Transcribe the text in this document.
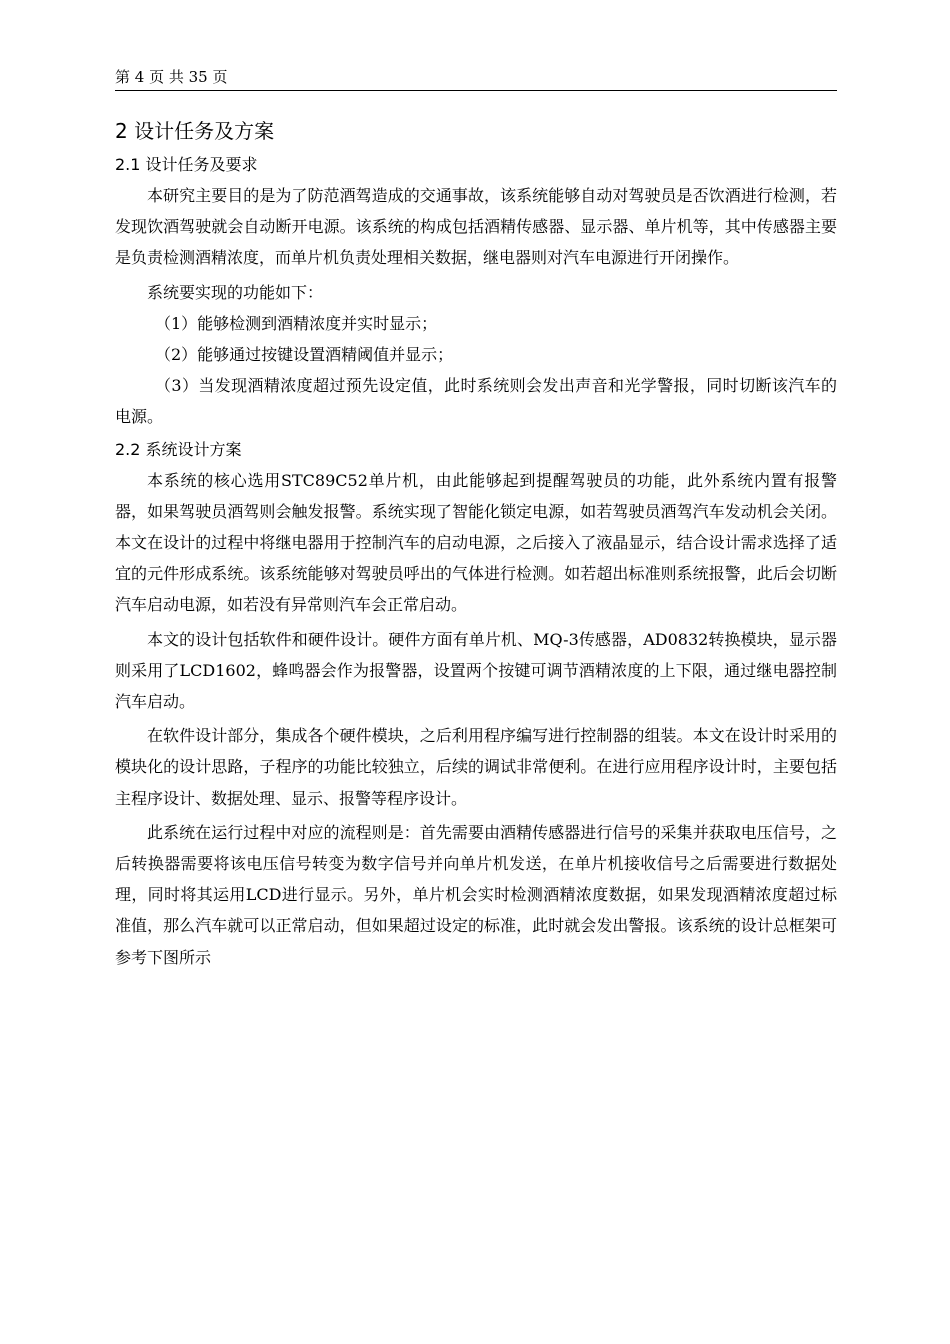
第 4 页 共 35 页
2 设计任务及方案
2.1 设计任务及要求

本研究主要目的是为了防范酒驾造成的交通事故，该系统能够自动对驾驶员是否饮酒进行检测，若发现饮酒驾驶就会自动断开电源。该系统的构成包括酒精传感器、显示器、单片机等，其中传感器主要是负责检测酒精浓度，而单片机负责处理相关数据，继电器则对汽车电源进行开闭操作。

系统要实现的功能如下：

（1）能够检测到酒精浓度并实时显示；

（2）能够通过按键设置酒精阈值并显示；

（3）当发现酒精浓度超过预先设定值，此时系统则会发出声音和光学警报，同时切断该汽车的电源。

2.2 系统设计方案

本系统的核心选用STC89C52单片机，由此能够起到提醒驾驶员的功能，此外系统内置有报警器，如果驾驶员酒驾则会触发报警。系统实现了智能化锁定电源，如若驾驶员酒驾汽车发动机会关闭。本文在设计的过程中将继电器用于控制汽车的启动电源，之后接入了液晶显示，结合设计需求选择了适宜的元件形成系统。该系统能够对驾驶员呼出的气体进行检测。如若超出标准则系统报警，此后会切断汽车启动电源，如若没有异常则汽车会正常启动。

本文的设计包括软件和硬件设计。硬件方面有单片机、MQ-3传感器，AD0832转换模块，显示器则采用了LCD1602，蜂鸣器会作为报警器，设置两个按键可调节酒精浓度的上下限，通过继电器控制汽车启动。

在软件设计部分，集成各个硬件模块，之后利用程序编写进行控制器的组装。本文在设计时采用的模块化的设计思路，子程序的功能比较独立，后续的调试非常便利。在进行应用程序设计时，主要包括主程序设计、数据处理、显示、报警等程序设计。

此系统在运行过程中对应的流程则是：首先需要由酒精传感器进行信号的采集并获取电压信号，之后转换器需要将该电压信号转变为数字信号并向单片机发送，在单片机接收信号之后需要进行数据处理，同时将其运用LCD进行显示。另外，单片机会实时检测酒精浓度数据，如果发现酒精浓度超过标准值，那么汽车就可以正常启动，但如果超过设定的标准，此时就会发出警报。该系统的设计总框架可参考下图所示
